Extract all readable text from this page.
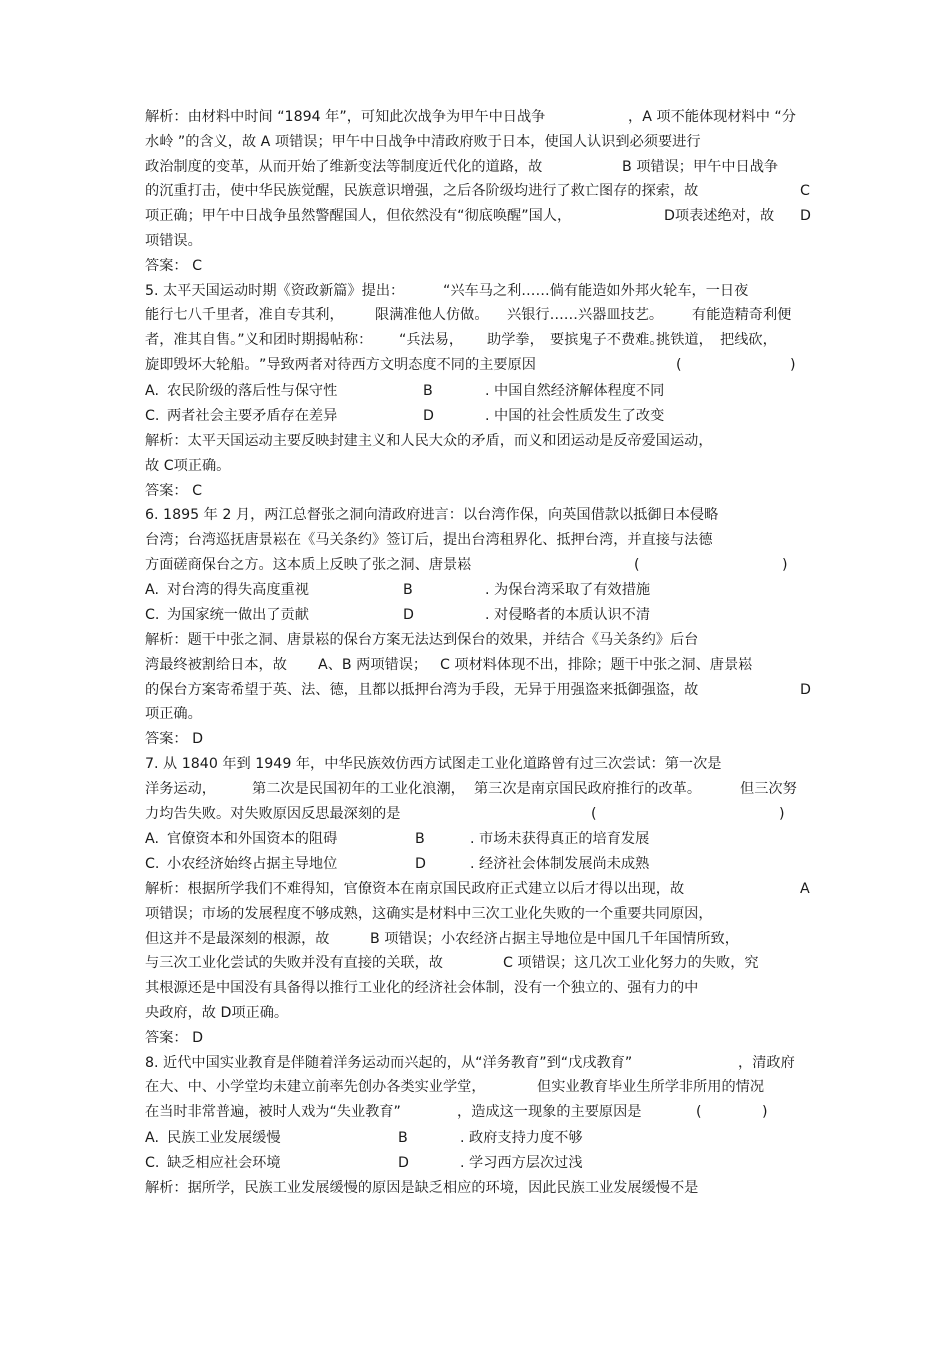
解析：由材料中时间 “1894 年”，可知此次战争为甲午中日战争	，A 项不能体现材料中 “分
水岭 ”的含义，故 A 项错误；甲午中日战争中清政府败于日本，使国人认识到必须要进行
政治制度的变革，从而开始了维新变法等制度近代化的道路，故	B 项错误；甲午中日战争
的沉重打击，使中华民族觉醒，民族意识增强，之后各阶级均进行了救亡图存的探索，故	C
项正确；甲午中日战争虽然警醒国人，但依然没有“彻底唤醒”国人，	D项表述绝对，故 D
项错误。
答案： C
5. 太平天国运动时期《资政新篇》提出：	“兴车马之利……倘有能造如外邦火轮车，一日夜
能行七八千里者，准自专其利， 限满准他人仿做。 兴银行……兴器皿技艺。 有能造精奇利便
者，准其自售。”义和团时期揭帖称： “兵法易， 助学拳， 要摈鬼子不费难。
挑铁道， 把线砍，
旋即毁坏大轮船。 ”导致两者对待西方文明态度不同的主要原因	(	)
A. 农民阶级的落后性与保守性	B	. 中国自然经济解体程度不同
C. 两者社会主要矛盾存在差异	D	. 中国的社会性质发生了改变
解析：太平天国运动主要反映封建主义和人民大众的矛盾，而义和团运动是反帝爱国运动，
故 C项正确。
答案： C
6. 1895 年 2 月，两江总督张之洞向清政府进言：以台湾作保，向英国借款以抵御日本侵略
台湾；台湾巡抚唐景崧在《马关条约》签订后，提出台湾租界化、抵押台湾，并直接与法德
方面磋商保台之方。这本质上反映了张之洞、唐景崧	(	)
A. 对台湾的得失高度重视	B	. 为保台湾采取了有效措施
C. 为国家统一做出了贡献	D	. 对侵略者的本质认识不清
解析：题干中张之洞、唐景崧的保台方案无法达到保台的效果，并结合《马关条约》后台
湾最终被割给日本，故 A、B 两项错误； C 项材料体现不出，排除；题干中张之洞、唐景崧
的保台方案寄希望于英、法、德，且都以抵押台湾为手段，无异于用强盗来抵御强盗，故	D
项正确。
答案： D
7. 从 1840 年到 1949 年，中华民族效仿西方试图走工业化道路曾有过三次尝试：第一次是
洋务运动，	第二次是民国初年的工业化浪潮， 第三次是南京国民政府推行的改革。	但三次努
力均告失败。对失败原因反思最深刻的是	(	)
A. 官僚资本和外国资本的阻碍	B	. 市场未获得真正的培育发展
C. 小农经济始终占据主导地位	D	. 经济社会体制发展尚未成熟
解析：根据所学我们不难得知，官僚资本在南京国民政府正式建立以后才得以出现，故	A
项错误；市场的发展程度不够成熟，这确实是材料中三次工业化失败的一个重要共同原因，
但这并不是最深刻的根源，故	B 项错误；小农经济占据主导地位是中国几千年国情所致，
与三次工业化尝试的失败并没有直接的关联，故	C 项错误；这几次工业化努力的失败，究
其根源还是中国没有具备得以推行工业化的经济社会体制，没有一个独立的、强有力的中
央政府，故 D项正确。
答案： D
8. 近代中国实业教育是伴随着洋务运动而兴起的，从“洋务教育”到“戊戌教育”	，清政府
在大、中、小学堂均未建立前率先创办各类实业学堂，	但实业教育毕业生所学非所用的情况
在当时非常普遍，被时人戏为“失业教育”	，造成这一现象的主要原因是	(	)
A. 民族工业发展缓慢	B	. 政府支持力度不够
C. 缺乏相应社会环境	D	. 学习西方层次过浅
解析：据所学，民族工业发展缓慢的原因是缺乏相应的环境，因此民族工业发展缓慢不是
